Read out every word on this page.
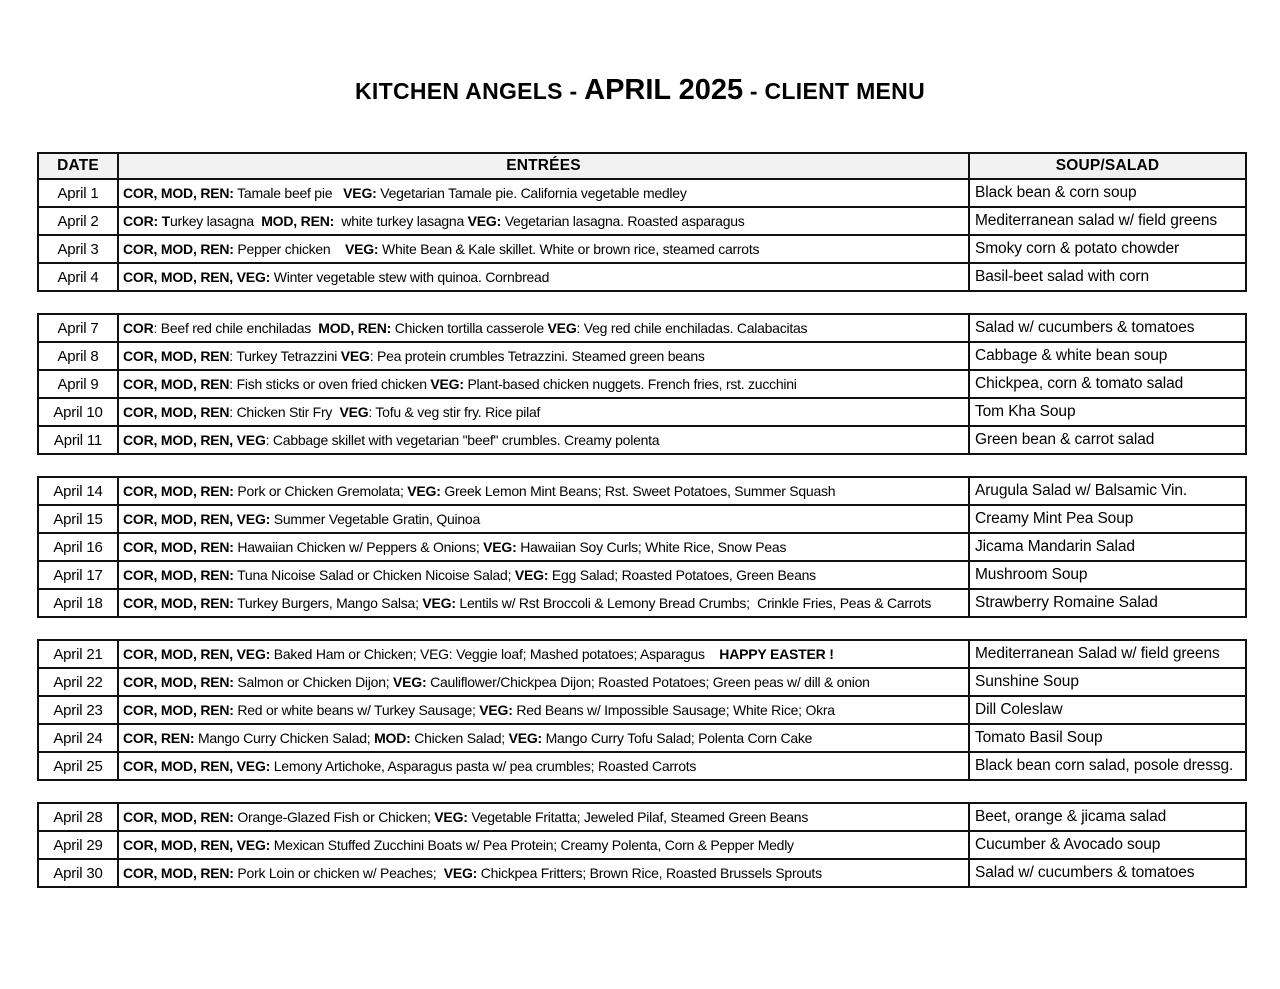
KITCHEN ANGELS - APRIL 2025 - CLIENT MENU
DATE	ENTRÉES	SOUP/SALAD
April 1	COR, MOD, REN: Tamale beef pie   VEG: Vegetarian Tamale pie. California vegetable medley	Black bean & corn soup
April 2	COR: Turkey lasagna  MOD, REN:  white turkey lasagna VEG: Vegetarian lasagna. Roasted asparagus	Mediterranean salad w/ field greens
April 3	COR, MOD, REN: Pepper chicken    VEG: White Bean & Kale skillet. White or brown rice, steamed carrots	Smoky corn & potato chowder
April 4	COR, MOD, REN, VEG: Winter vegetable stew with quinoa. Cornbread	Basil-beet salad with corn
April 7	COR: Beef red chile enchiladas  MOD, REN: Chicken tortilla casserole VEG: Veg red chile enchiladas. Calabacitas	Salad w/ cucumbers & tomatoes
April 8	COR, MOD, REN: Turkey Tetrazzini VEG: Pea protein crumbles Tetrazzini. Steamed green beans	Cabbage & white bean soup
April 9	COR, MOD, REN: Fish sticks or oven fried chicken VEG: Plant-based chicken nuggets. French fries, rst. zucchini	Chickpea, corn & tomato salad
April 10	COR, MOD, REN: Chicken Stir Fry  VEG: Tofu & veg stir fry. Rice pilaf	Tom Kha Soup
April 11	COR, MOD, REN, VEG: Cabbage skillet with vegetarian "beef" crumbles. Creamy polenta	Green bean & carrot salad
April 14	COR, MOD, REN: Pork or Chicken Gremolata; VEG: Greek Lemon Mint Beans; Rst. Sweet Potatoes, Summer Squash	Arugula Salad w/ Balsamic Vin.
April 15	COR, MOD, REN, VEG: Summer Vegetable Gratin, Quinoa	Creamy Mint Pea Soup
April 16	COR, MOD, REN: Hawaiian Chicken w/ Peppers & Onions; VEG: Hawaiian Soy Curls; White Rice, Snow Peas	Jicama Mandarin Salad
April 17	COR, MOD, REN: Tuna Nicoise Salad or Chicken Nicoise Salad; VEG: Egg Salad; Roasted Potatoes, Green Beans	Mushroom Soup
April 18	COR, MOD, REN: Turkey Burgers, Mango Salsa; VEG: Lentils w/ Rst Broccoli & Lemony Bread Crumbs;  Crinkle Fries, Peas & Carrots	Strawberry Romaine Salad
April 21	COR, MOD, REN, VEG: Baked Ham or Chicken; VEG: Veggie loaf; Mashed potatoes; Asparagus    HAPPY EASTER !	Mediterranean Salad w/ field greens
April 22	COR, MOD, REN: Salmon or Chicken Dijon; VEG: Cauliflower/Chickpea Dijon; Roasted Potatoes; Green peas w/ dill & onion	Sunshine Soup
April 23	COR, MOD, REN: Red or white beans w/ Turkey Sausage; VEG: Red Beans w/ Impossible Sausage; White Rice; Okra	Dill Coleslaw
April 24	COR, REN: Mango Curry Chicken Salad; MOD: Chicken Salad; VEG: Mango Curry Tofu Salad; Polenta Corn Cake	Tomato Basil Soup
April 25	COR, MOD, REN, VEG: Lemony Artichoke, Asparagus pasta w/ pea crumbles; Roasted Carrots	Black bean corn salad, posole dressg.
April 28	COR, MOD, REN: Orange-Glazed Fish or Chicken; VEG: Vegetable Fritatta; Jeweled Pilaf, Steamed Green Beans	Beet, orange & jicama salad
April 29	COR, MOD, REN, VEG: Mexican Stuffed Zucchini Boats w/ Pea Protein; Creamy Polenta, Corn & Pepper Medly	Cucumber & Avocado soup
April 30	COR, MOD, REN: Pork Loin or chicken w/ Peaches;  VEG: Chickpea Fritters; Brown Rice, Roasted Brussels Sprouts	Salad w/ cucumbers & tomatoes
